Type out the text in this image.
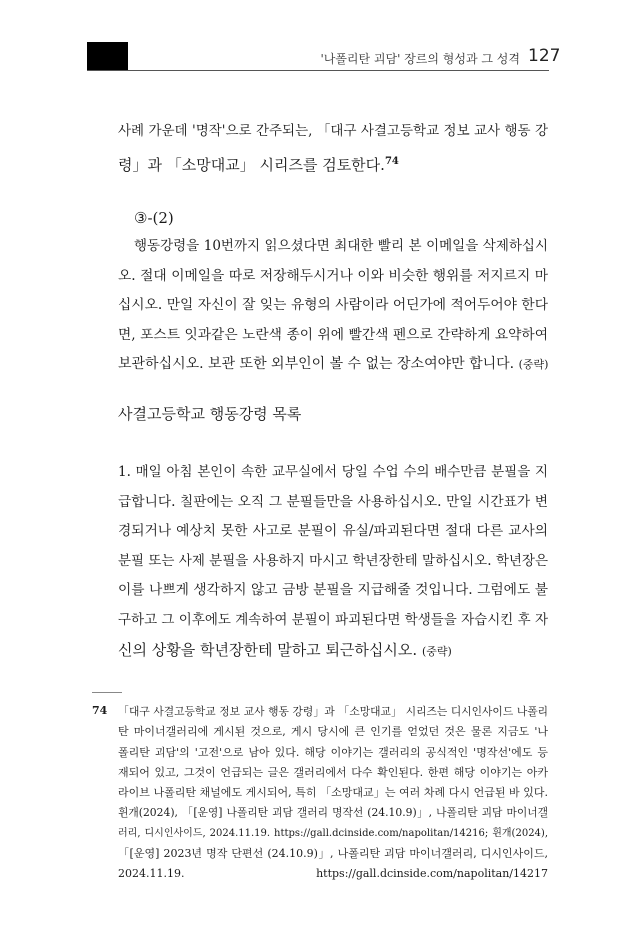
'나폴리탄 괴담' 장르의 형성과 그 성격 127
사례 가운데 '명작'으로 간주되는, 「대구 사결고등학교 정보 교사 행동 강
령」과 「소망대교」 시리즈를 검토한다.$^{74}$
③-(2)
행동강령을 10번까지 읽으셨다면 최대한 빨리 본 이메일을 삭제하십시
오. 절대 이메일을 따로 저장해두시거나 이와 비슷한 행위를 저지르지 마
십시오. 만일 자신이 잘 잊는 유형의 사람이라 어딘가에 적어두어야 한다
면, 포스트 잇과같은 노란색 종이 위에 빨간색 펜으로 간략하게 요약하여
보관하십시오. 보관 또한 외부인이 볼 수 없는 장소여야만 합니다. (중략)
사결고등학교 행동강령 목록
1. 매일 아침 본인이 속한 교무실에서 당일 수업 수의 배수만큼 분필을 지
급합니다. 칠판에는 오직 그 분필들만을 사용하십시오. 만일 시간표가 변
경되거나 예상치 못한 사고로 분필이 유실/파괴된다면 절대 다른 교사의
분필 또는 사제 분필을 사용하지 마시고 학년장한테 말하십시오. 학년장은
이를 나쁘게 생각하지 않고 금방 분필을 지급해줄 것입니다. 그럼에도 불
구하고 그 이후에도 계속하여 분필이 파괴된다면 학생들을 자습시킨 후 자
신의 상황을 학년장한테 말하고 퇴근하십시오. (중략)
74 「대구 사결고등학교 정보 교사 행동 강령」과 「소망대교」 시리즈는 디시인사이드 나폴리
탄 마이너갤러리에 게시된 것으로, 게시 당시에 큰 인기를 얻었던 것은 물론 지금도 '나
폴리탄 괴담'의 '고전'으로 남아 있다. 해당 이야기는 갤러리의 공식적인 '명작선'에도 등
재되어 있고, 그것이 언급되는 글은 갤러리에서 다수 확인된다. 한편 해당 이야기는 아카
라이브 나폴리탄 채널에도 게시되어, 특히 「소망대교」는 여러 차례 다시 언급된 바 있다.
휜개(2024), 「[운영] 나폴리탄 괴담 갤러리 명작선 (24.10.9)」, 나폴리탄 괴담 마이너갤
러리, 디시인사이드, 2024.11.19. https://gall.dcinside.com/napolitan/14216; 휜개(2024),
「[운영] 2023년 명작 단편선 (24.10.9)」, 나폴리탄 괴담 마이너갤러리, 디시인사이드,
2024.11.19. https://gall.dcinside.com/napolitan/14217
